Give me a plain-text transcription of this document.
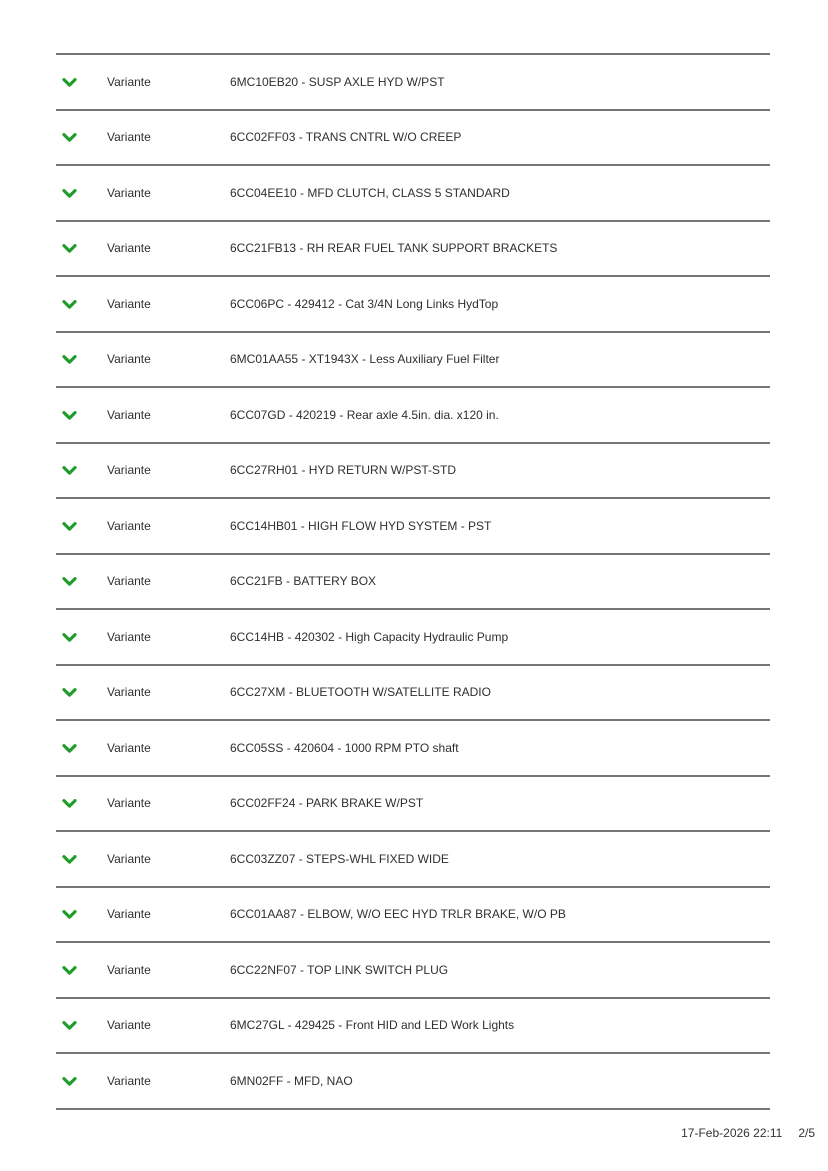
Variante	6MC10EB20 - SUSP AXLE HYD W/PST
Variante	6CC02FF03 - TRANS CNTRL W/O CREEP
Variante	6CC04EE10 - MFD CLUTCH, CLASS 5 STANDARD
Variante	6CC21FB13 - RH REAR FUEL TANK SUPPORT BRACKETS
Variante	6CC06PC - 429412 - Cat 3/4N Long Links HydTop
Variante	6MC01AA55 - XT1943X - Less Auxiliary Fuel Filter
Variante	6CC07GD - 420219 - Rear axle 4.5in. dia. x120 in.
Variante	6CC27RH01 - HYD RETURN W/PST-STD
Variante	6CC14HB01 - HIGH FLOW HYD SYSTEM - PST
Variante	6CC21FB - BATTERY BOX
Variante	6CC14HB - 420302 - High Capacity Hydraulic Pump
Variante	6CC27XM - BLUETOOTH W/SATELLITE RADIO
Variante	6CC05SS - 420604 - 1000 RPM PTO shaft
Variante	6CC02FF24 - PARK BRAKE W/PST
Variante	6CC03ZZ07 - STEPS-WHL FIXED WIDE
Variante	6CC01AA87 - ELBOW, W/O EEC HYD TRLR BRAKE, W/O PB
Variante	6CC22NF07 - TOP LINK SWITCH PLUG
Variante	6MC27GL - 429425 - Front HID and LED Work Lights
Variante	6MN02FF - MFD, NAO
17-Feb-2026 22:11 2/5
